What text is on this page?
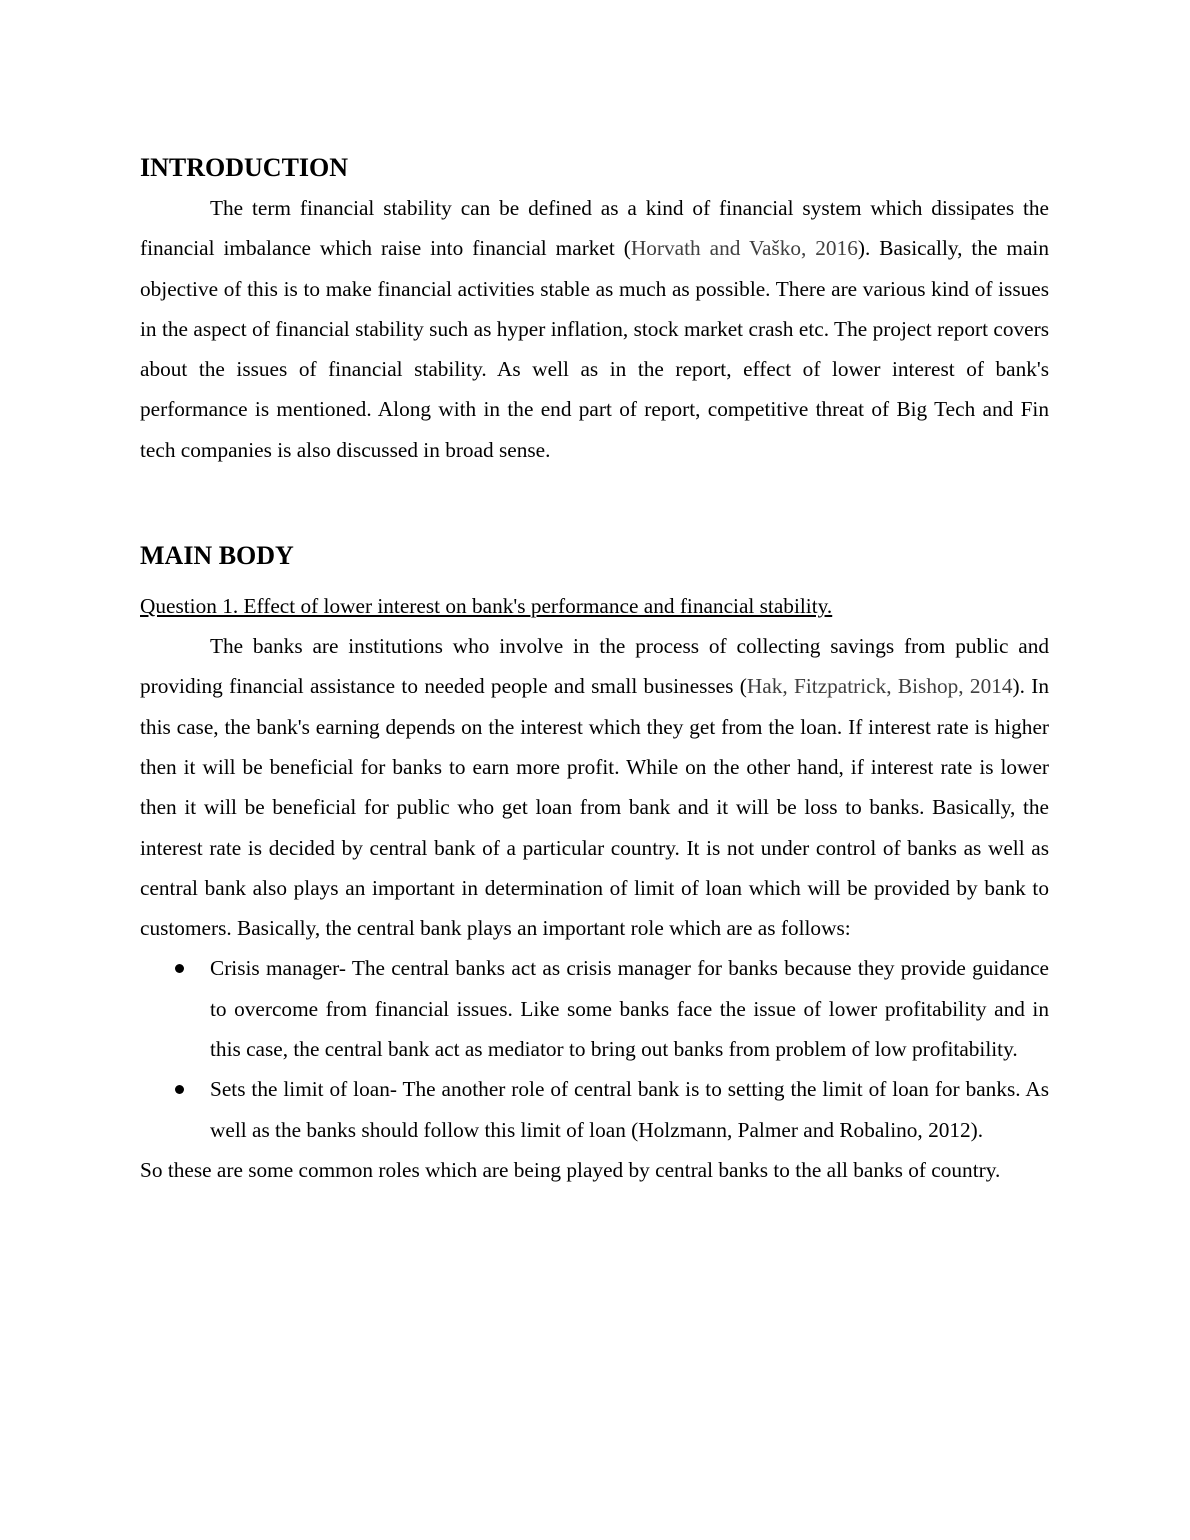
INTRODUCTION

The term financial stability can be defined as a kind of financial system which dissipates the financial imbalance which raise into financial market (Horvath and Vaško, 2016). Basically, the main objective of this is to make financial activities stable as much as possible. There are various kind of issues in the aspect of financial stability such as hyper inflation, stock market crash etc. The project report covers about the issues of financial stability. As well as in the report, effect of lower interest of bank's performance is mentioned. Along with in the end part of report, competitive threat of Big Tech and Fin tech companies is also discussed in broad sense.

MAIN BODY
Question 1. Effect of lower interest on bank's performance and financial stability.

The banks are institutions who involve in the process of collecting savings from public and providing financial assistance to needed people and small businesses (Hak, Fitzpatrick, Bishop, 2014). In this case, the bank's earning depends on the interest which they get from the loan. If interest rate is higher then it will be beneficial for banks to earn more profit. While on the other hand, if interest rate is lower then it will be beneficial for public who get loan from bank and it will be loss to banks. Basically, the interest rate is decided by central bank of a particular country. It is not under control of banks as well as central bank also plays an important in determination of limit of loan which will be provided by bank to customers. Basically, the central bank plays an important role which are as follows:

Crisis manager- The central banks act as crisis manager for banks because they provide guidance to overcome from financial issues. Like some banks face the issue of lower profitability and in this case, the central bank act as mediator to bring out banks from problem of low profitability.
Sets the limit of loan- The another role of central bank is to setting the limit of loan for banks. As well as the banks should follow this limit of loan (Holzmann, Palmer and Robalino, 2012).

So these are some common roles which are being played by central banks to the all banks of country.
